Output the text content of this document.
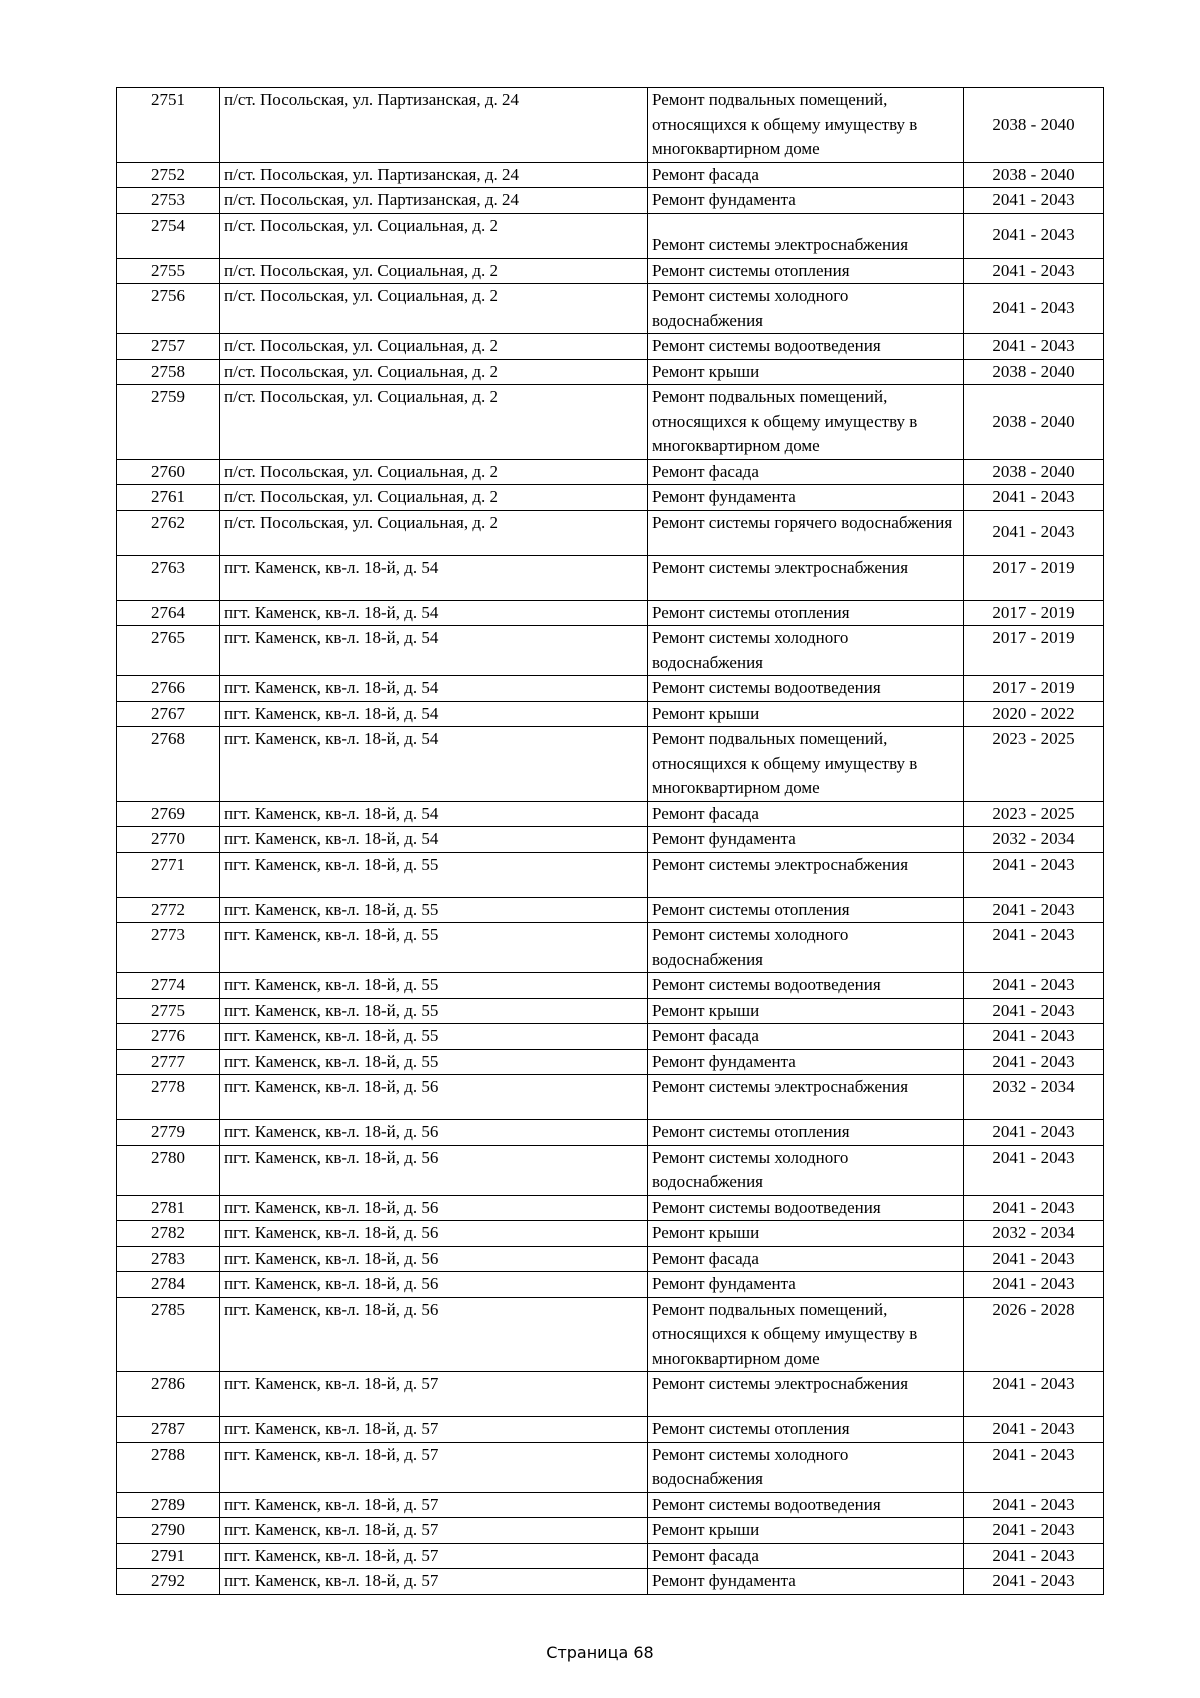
2751	п/ст. Посольская, ул. Партизанская, д. 24	Ремонт подвальных помещений, относящихся к общему имуществу в многоквартирном доме	2038 - 2040
2752	п/ст. Посольская, ул. Партизанская, д. 24	Ремонт фасада	2038 - 2040
2753	п/ст. Посольская, ул. Партизанская, д. 24	Ремонт фундамента	2041 - 2043
2754	п/ст. Посольская, ул. Социальная, д. 2	Ремонт системы электроснабжения	2041 - 2043
2755	п/ст. Посольская, ул. Социальная, д. 2	Ремонт системы отопления	2041 - 2043
2756	п/ст. Посольская, ул. Социальная, д. 2	Ремонт системы холодного водоснабжения	2041 - 2043
2757	п/ст. Посольская, ул. Социальная, д. 2	Ремонт системы водоотведения	2041 - 2043
2758	п/ст. Посольская, ул. Социальная, д. 2	Ремонт крыши	2038 - 2040
2759	п/ст. Посольская, ул. Социальная, д. 2	Ремонт подвальных помещений, относящихся к общему имуществу в многоквартирном доме	2038 - 2040
2760	п/ст. Посольская, ул. Социальная, д. 2	Ремонт фасада	2038 - 2040
2761	п/ст. Посольская, ул. Социальная, д. 2	Ремонт фундамента	2041 - 2043
2762	п/ст. Посольская, ул. Социальная, д. 2	Ремонт системы горячего водоснабжения	2041 - 2043
2763	пгт. Каменск, кв-л. 18-й, д. 54	Ремонт системы электроснабжения	2017 - 2019
2764	пгт. Каменск, кв-л. 18-й, д. 54	Ремонт системы отопления	2017 - 2019
2765	пгт. Каменск, кв-л. 18-й, д. 54	Ремонт системы холодного водоснабжения	2017 - 2019
2766	пгт. Каменск, кв-л. 18-й, д. 54	Ремонт системы водоотведения	2017 - 2019
2767	пгт. Каменск, кв-л. 18-й, д. 54	Ремонт крыши	2020 - 2022
2768	пгт. Каменск, кв-л. 18-й, д. 54	Ремонт подвальных помещений, относящихся к общему имуществу в многоквартирном доме	2023 - 2025
2769	пгт. Каменск, кв-л. 18-й, д. 54	Ремонт фасада	2023 - 2025
2770	пгт. Каменск, кв-л. 18-й, д. 54	Ремонт фундамента	2032 - 2034
2771	пгт. Каменск, кв-л. 18-й, д. 55	Ремонт системы электроснабжения	2041 - 2043
2772	пгт. Каменск, кв-л. 18-й, д. 55	Ремонт системы отопления	2041 - 2043
2773	пгт. Каменск, кв-л. 18-й, д. 55	Ремонт системы холодного водоснабжения	2041 - 2043
2774	пгт. Каменск, кв-л. 18-й, д. 55	Ремонт системы водоотведения	2041 - 2043
2775	пгт. Каменск, кв-л. 18-й, д. 55	Ремонт крыши	2041 - 2043
2776	пгт. Каменск, кв-л. 18-й, д. 55	Ремонт фасада	2041 - 2043
2777	пгт. Каменск, кв-л. 18-й, д. 55	Ремонт фундамента	2041 - 2043
2778	пгт. Каменск, кв-л. 18-й, д. 56	Ремонт системы электроснабжения	2032 - 2034
2779	пгт. Каменск, кв-л. 18-й, д. 56	Ремонт системы отопления	2041 - 2043
2780	пгт. Каменск, кв-л. 18-й, д. 56	Ремонт системы холодного водоснабжения	2041 - 2043
2781	пгт. Каменск, кв-л. 18-й, д. 56	Ремонт системы водоотведения	2041 - 2043
2782	пгт. Каменск, кв-л. 18-й, д. 56	Ремонт крыши	2032 - 2034
2783	пгт. Каменск, кв-л. 18-й, д. 56	Ремонт фасада	2041 - 2043
2784	пгт. Каменск, кв-л. 18-й, д. 56	Ремонт фундамента	2041 - 2043
2785	пгт. Каменск, кв-л. 18-й, д. 56	Ремонт подвальных помещений, относящихся к общему имуществу в многоквартирном доме	2026 - 2028
2786	пгт. Каменск, кв-л. 18-й, д. 57	Ремонт системы электроснабжения	2041 - 2043
2787	пгт. Каменск, кв-л. 18-й, д. 57	Ремонт системы отопления	2041 - 2043
2788	пгт. Каменск, кв-л. 18-й, д. 57	Ремонт системы холодного водоснабжения	2041 - 2043
2789	пгт. Каменск, кв-л. 18-й, д. 57	Ремонт системы водоотведения	2041 - 2043
2790	пгт. Каменск, кв-л. 18-й, д. 57	Ремонт крыши	2041 - 2043
2791	пгт. Каменск, кв-л. 18-й, д. 57	Ремонт фасада	2041 - 2043
2792	пгт. Каменск, кв-л. 18-й, д. 57	Ремонт фундамента	2041 - 2043
Страница 68
